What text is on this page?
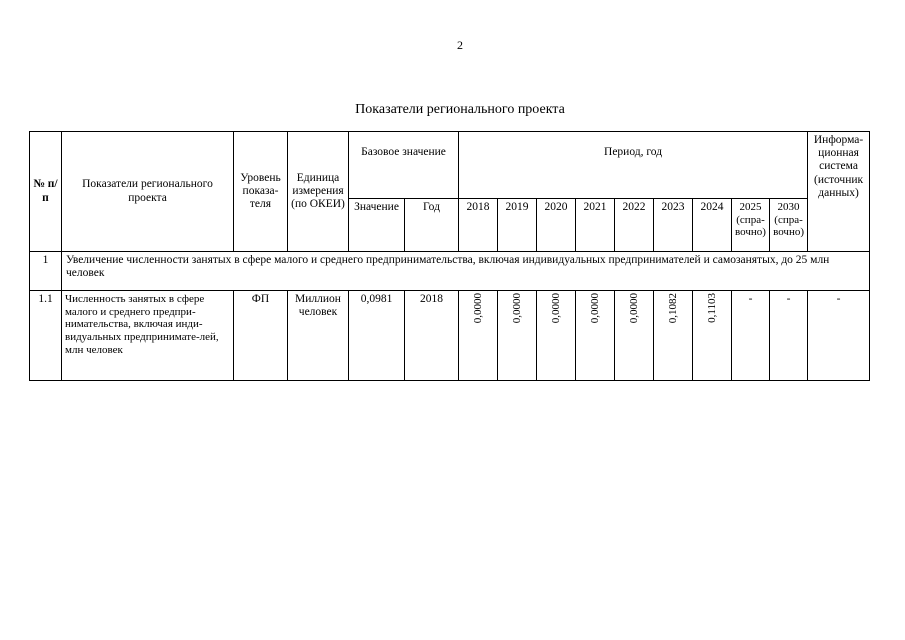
2
Показатели регионального проекта
№ п/п	Показатели регионального проекта	Уровень показа-теля	Единица измерения (по ОКЕИ)	Базовое значение		Период, год									Информа-ционная система (источник данных)
				Значение	Год	2018	2019	2020	2021	2022	2023	2024	2025 (спра-вочно)	2030 (спра-вочно)	
1	Увеличение численности занятых в сфере малого и среднего предпринимательства, включая индивидуальных предпринимателей и самозанятых, до 25 млн человек														
1.1	Численность занятых в сфере малого и среднего предпри-нимательства, включая инди-видуальных предпринимате-лей, млн человек	ФП	Миллион человек	0,0981	2018	0,0000	0,0000	0,0000	0,0000	0,0000	0,1082	0,1103	-	-	-
